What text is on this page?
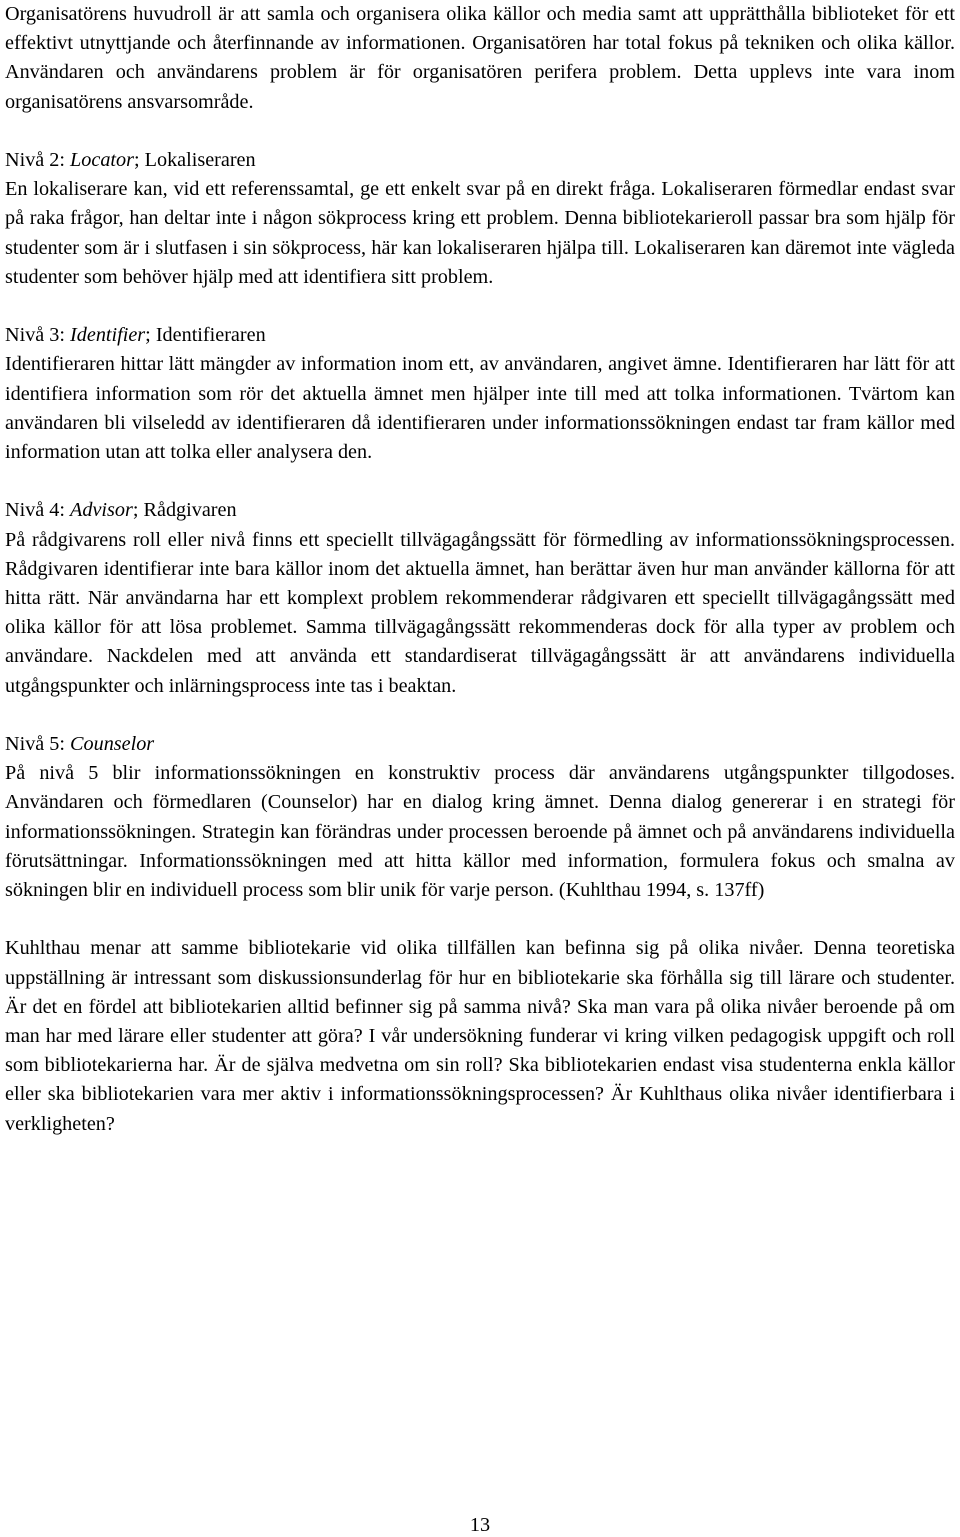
Organisatörens huvudroll är att samla och organisera olika källor och media samt att upprätthålla biblioteket för ett effektivt utnyttjande och återfinnande av informationen. Organisatören har total fokus på tekniken och olika källor. Användaren och användarens problem är för organisatören perifera problem. Detta upplevs inte vara inom organisatörens ansvarsområde.

Nivå 2: Locator; Lokaliseraren

En lokaliserare kan, vid ett referenssamtal, ge ett enkelt svar på en direkt fråga. Lokaliseraren förmedlar endast svar på raka frågor, han deltar inte i någon sökprocess kring ett problem. Denna bibliotekarieroll passar bra som hjälp för studenter som är i slutfasen i sin sökprocess, här kan lokaliseraren hjälpa till. Lokaliseraren kan däremot inte vägleda studenter som behöver hjälp med att identifiera sitt problem.

Nivå 3: Identifier; Identifieraren

Identifieraren hittar lätt mängder av information inom ett, av användaren, angivet ämne. Identifieraren har lätt för att identifiera information som rör det aktuella ämnet men hjälper inte till med att tolka informationen. Tvärtom kan användaren bli vilseledd av identifieraren då identifieraren under informationssökningen endast tar fram källor med information utan att tolka eller analysera den.

Nivå 4: Advisor; Rådgivaren

På rådgivarens roll eller nivå finns ett speciellt tillvägagångssätt för förmedling av informationssökningsprocessen. Rådgivaren identifierar inte bara källor inom det aktuella ämnet, han berättar även hur man använder källorna för att hitta rätt. När användarna har ett komplext problem rekommenderar rådgivaren ett speciellt tillvägagångssätt med olika källor för att lösa problemet. Samma tillvägagångssätt rekommenderas dock för alla typer av problem och användare. Nackdelen med att använda ett standardiserat tillvägagångssätt är att användarens individuella utgångspunkter och inlärningsprocess inte tas i beaktan.

Nivå 5: Counselor

På nivå 5 blir informationssökningen en konstruktiv process där användarens utgångspunkter tillgodoses. Användaren och förmedlaren (Counselor) har en dialog kring ämnet. Denna dialog genererar i en strategi för informationssökningen. Strategin kan förändras under processen beroende på ämnet och på användarens individuella förutsättningar. Informationssökningen med att hitta källor med information, formulera fokus och smalna av sökningen blir en individuell process som blir unik för varje person. (Kuhlthau 1994, s. 137ff)

Kuhlthau menar att samme bibliotekarie vid olika tillfällen kan befinna sig på olika nivåer. Denna teoretiska uppställning är intressant som diskussionsunderlag för hur en bibliotekarie ska förhålla sig till lärare och studenter. Är det en fördel att bibliotekarien alltid befinner sig på samma nivå? Ska man vara på olika nivåer beroende på om man har med lärare eller studenter att göra? I vår undersökning funderar vi kring vilken pedagogisk uppgift och roll som bibliotekarierna har. Är de själva medvetna om sin roll? Ska bibliotekarien endast visa studenterna enkla källor eller ska bibliotekarien vara mer aktiv i informationssökningsprocessen? Är Kuhlthaus olika nivåer identifierbara i verkligheten?

13
